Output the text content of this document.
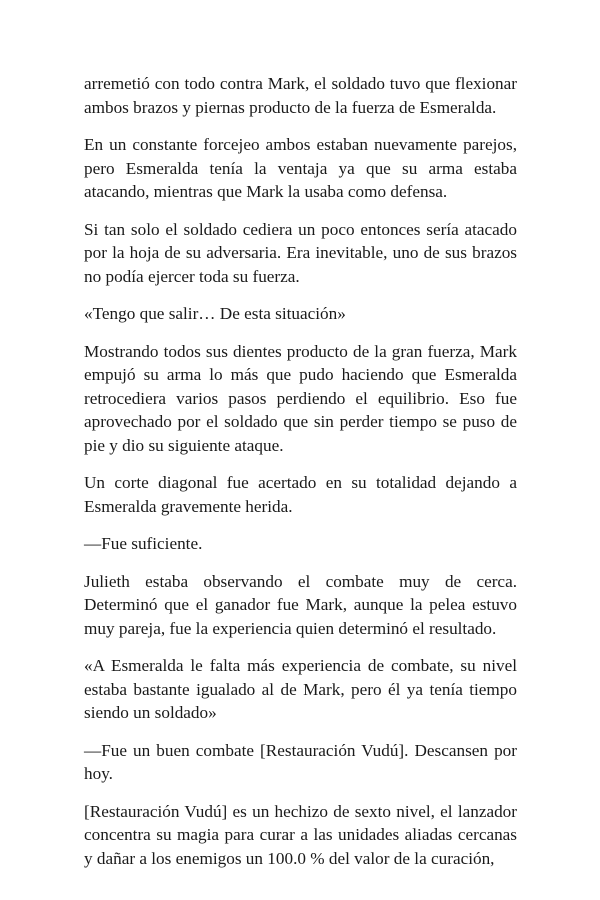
arremetió con todo contra Mark, el soldado tuvo que flexionar ambos brazos y piernas producto de la fuerza de Esmeralda.

En un constante forcejeo ambos estaban nuevamente parejos, pero Esmeralda tenía la ventaja ya que su arma estaba atacando, mientras que Mark la usaba como defensa.

Si tan solo el soldado cediera un poco entonces sería atacado por la hoja de su adversaria. Era inevitable, uno de sus brazos no podía ejercer toda su fuerza.

«Tengo que salir… De esta situación»

Mostrando todos sus dientes producto de la gran fuerza, Mark empujó su arma lo más que pudo haciendo que Esmeralda retrocediera varios pasos perdiendo el equilibrio. Eso fue aprovechado por el soldado que sin perder tiempo se puso de pie y dio su siguiente ataque.

Un corte diagonal fue acertado en su totalidad dejando a Esmeralda gravemente herida.

—Fue suficiente.

Julieth estaba observando el combate muy de cerca. Determinó que el ganador fue Mark, aunque la pelea estuvo muy pareja, fue la experiencia quien determinó el resultado.

«A Esmeralda le falta más experiencia de combate, su nivel estaba bastante igualado al de Mark, pero él ya tenía tiempo siendo un soldado»

—Fue un buen combate [Restauración Vudú]. Descansen por hoy.

[Restauración Vudú] es un hechizo de sexto nivel, el lanzador concentra su magia para curar a las unidades aliadas cercanas y dañar a los enemigos un 100.0 % del valor de la curación,
